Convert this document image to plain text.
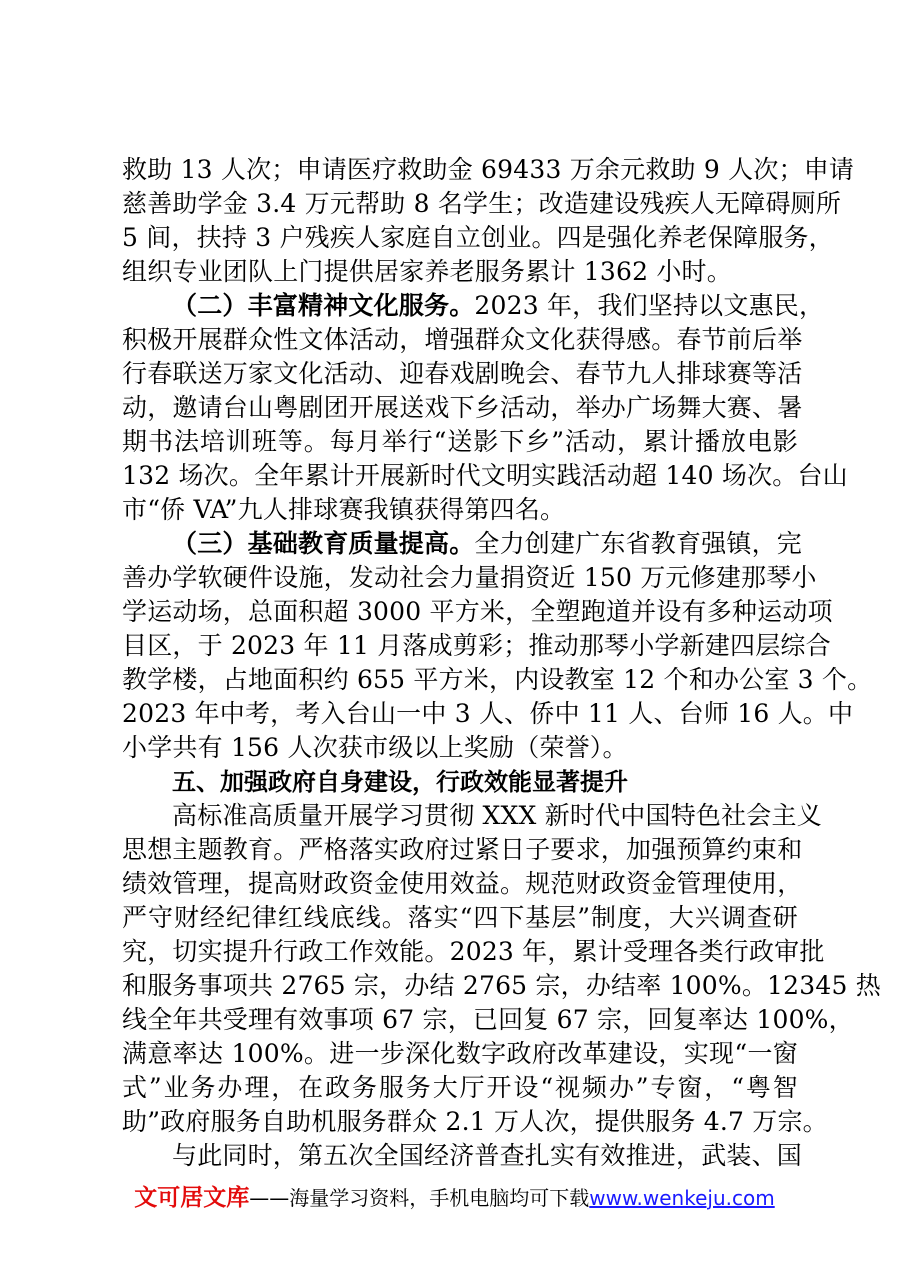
救助 13 人次；申请医疗救助金 69433 万余元救助 9 人次；申请
慈善助学金 3.4 万元帮助 8 名学生；改造建设残疾人无障碍厕所
5 间，扶持 3 户残疾人家庭自立创业。四是强化养老保障服务，
组织专业团队上门提供居家养老服务累计 1362 小时。
（二）丰富精神文化服务。2023 年，我们坚持以文惠民，
积极开展群众性文体活动，增强群众文化获得感。春节前后举
行春联送万家文化活动、迎春戏剧晚会、春节九人排球赛等活
动，邀请台山粤剧团开展送戏下乡活动，举办广场舞大赛、暑
期书法培训班等。每月举行“送影下乡”活动，累计播放电影
132 场次。全年累计开展新时代文明实践活动超 140 场次。台山
市“侨 VA”九人排球赛我镇获得第四名。
（三）基础教育质量提高。全力创建广东省教育强镇，完
善办学软硬件设施，发动社会力量捐资近 150 万元修建那琴小
学运动场，总面积超 3000 平方米，全塑跑道并设有多种运动项
目区，于 2023 年 11 月落成剪彩；推动那琴小学新建四层综合
教学楼，占地面积约 655 平方米，内设教室 12 个和办公室 3 个。
2023 年中考，考入台山一中 3 人、侨中 11 人、台师 16 人。中
小学共有 156 人次获市级以上奖励（荣誉）。
五、加强政府自身建设，行政效能显著提升
高标准高质量开展学习贯彻 XXX 新时代中国特色社会主义
思想主题教育。严格落实政府过紧日子要求，加强预算约束和
绩效管理，提高财政资金使用效益。规范财政资金管理使用，
严守财经纪律红线底线。落实“四下基层”制度，大兴调查研
究，切实提升行政工作效能。2023 年，累计受理各类行政审批
和服务事项共 2765 宗，办结 2765 宗，办结率 100%。12345 热
线全年共受理有效事项 67 宗，已回复 67 宗，回复率达 100%，
满意率达 100%。进一步深化数字政府改革建设，实现“一窗
式”业务办理，在政务服务大厅开设“视频办”专窗，“粤智
助”政府服务自助机服务群众 2.1 万人次，提供服务 4.7 万宗。
与此同时，第五次全国经济普查扎实有效推进，武装、国
文可居文库——海量学习资料，手机电脑均可下载www.wenkeju.com
